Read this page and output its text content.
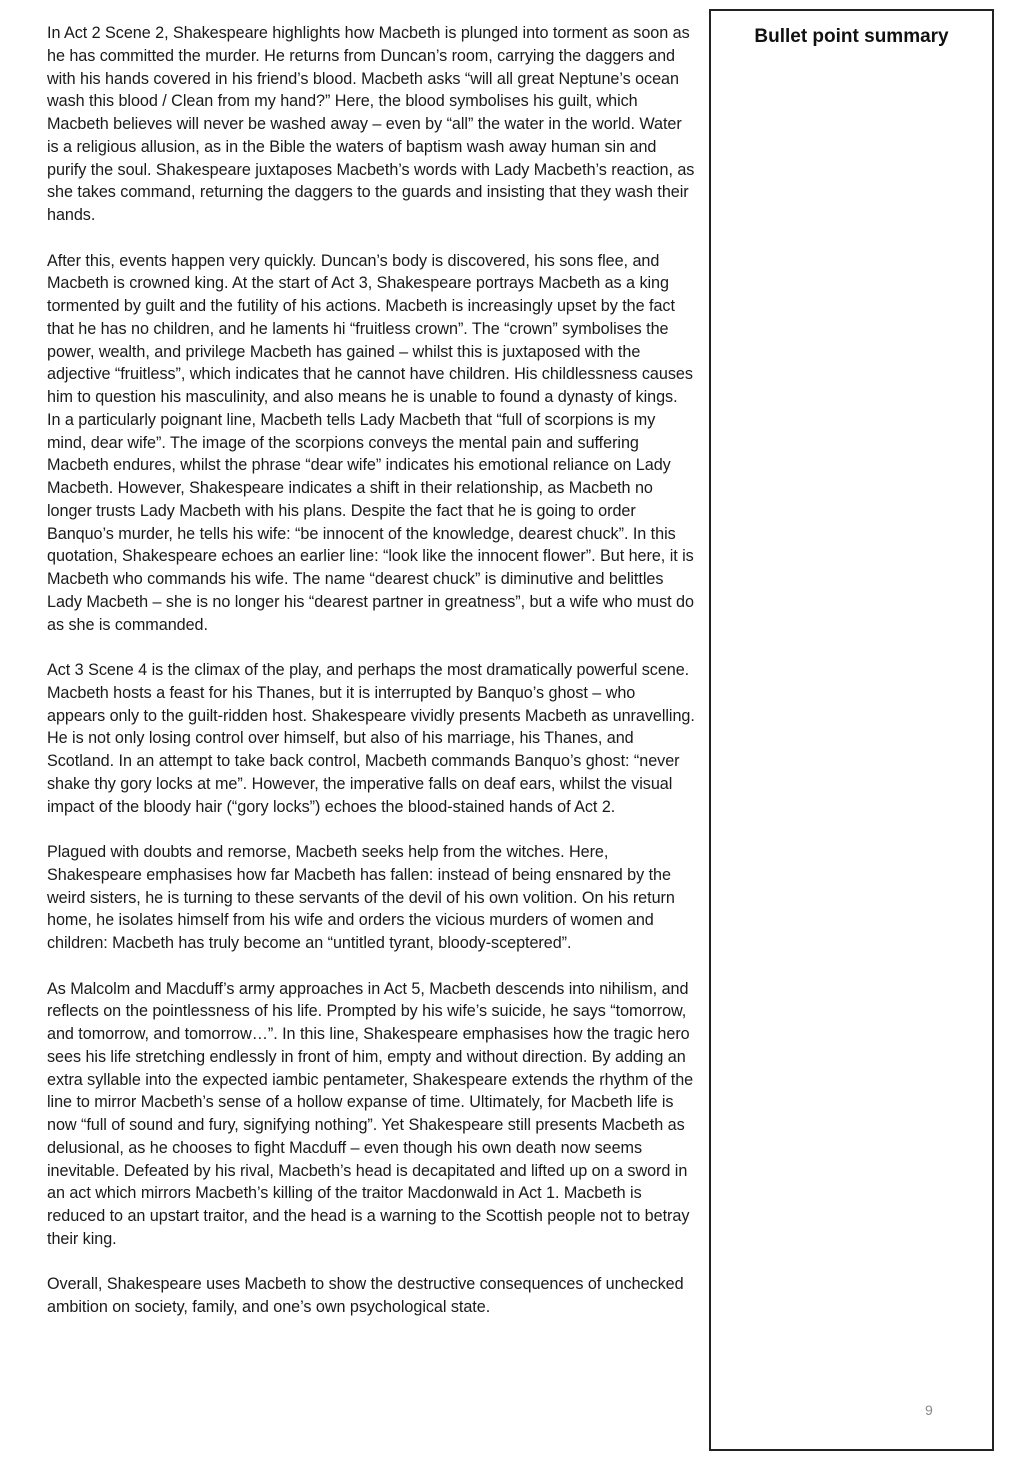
In Act 2 Scene 2, Shakespeare highlights how Macbeth is plunged into torment as soon as he has committed the murder. He returns from Duncan’s room, carrying the daggers and with his hands covered in his friend’s blood. Macbeth asks “will all great Neptune’s ocean wash this blood / Clean from my hand?” Here, the blood symbolises his guilt, which Macbeth believes will never be washed away – even by “all” the water in the world. Water is a religious allusion, as in the Bible the waters of baptism wash away human sin and purify the soul. Shakespeare juxtaposes Macbeth’s words with Lady Macbeth’s reaction, as she takes command, returning the daggers to the guards and insisting that they wash their hands.

After this, events happen very quickly. Duncan’s body is discovered, his sons flee, and Macbeth is crowned king. At the start of Act 3, Shakespeare portrays Macbeth as a king tormented by guilt and the futility of his actions. Macbeth is increasingly upset by the fact that he has no children, and he laments hi “fruitless crown”. The “crown” symbolises the power, wealth, and privilege Macbeth has gained – whilst this is juxtaposed with the adjective “fruitless”, which indicates that he cannot have children. His childlessness causes him to question his masculinity, and also means he is unable to found a dynasty of kings. In a particularly poignant line, Macbeth tells Lady Macbeth that “full of scorpions is my mind, dear wife”. The image of the scorpions conveys the mental pain and suffering Macbeth endures, whilst the phrase “dear wife” indicates his emotional reliance on Lady Macbeth. However, Shakespeare indicates a shift in their relationship, as Macbeth no longer trusts Lady Macbeth with his plans. Despite the fact that he is going to order Banquo’s murder, he tells his wife: “be innocent of the knowledge, dearest chuck”. In this quotation, Shakespeare echoes an earlier line: “look like the innocent flower”. But here, it is Macbeth who commands his wife. The name “dearest chuck” is diminutive and belittles Lady Macbeth – she is no longer his “dearest partner in greatness”, but a wife who must do as she is commanded.

Act 3 Scene 4 is the climax of the play, and perhaps the most dramatically powerful scene. Macbeth hosts a feast for his Thanes, but it is interrupted by Banquo’s ghost – who appears only to the guilt-ridden host. Shakespeare vividly presents Macbeth as unravelling. He is not only losing control over himself, but also of his marriage, his Thanes, and Scotland. In an attempt to take back control, Macbeth commands Banquo’s ghost: “never shake thy gory locks at me”. However, the imperative falls on deaf ears, whilst the visual impact of the bloody hair (“gory locks”) echoes the blood-stained hands of Act 2.

Plagued with doubts and remorse, Macbeth seeks help from the witches. Here, Shakespeare emphasises how far Macbeth has fallen: instead of being ensnared by the weird sisters, he is turning to these servants of the devil of his own volition. On his return home, he isolates himself from his wife and orders the vicious murders of women and children: Macbeth has truly become an “untitled tyrant, bloody-sceptered”.

As Malcolm and Macduff’s army approaches in Act 5, Macbeth descends into nihilism, and reflects on the pointlessness of his life. Prompted by his wife’s suicide, he says “tomorrow, and tomorrow, and tomorrow…”. In this line, Shakespeare emphasises how the tragic hero sees his life stretching endlessly in front of him, empty and without direction. By adding an extra syllable into the expected iambic pentameter, Shakespeare extends the rhythm of the line to mirror Macbeth’s sense of a hollow expanse of time. Ultimately, for Macbeth life is now “full of sound and fury, signifying nothing”. Yet Shakespeare still presents Macbeth as delusional, as he chooses to fight Macduff – even though his own death now seems inevitable. Defeated by his rival, Macbeth’s head is decapitated and lifted up on a sword in an act which mirrors Macbeth’s killing of the traitor Macdonwald in Act 1. Macbeth is reduced to an upstart traitor, and the head is a warning to the Scottish people not to betray their king.

Overall, Shakespeare uses Macbeth to show the destructive consequences of unchecked ambition on society, family, and one’s own psychological state.

Bullet point summary
9
